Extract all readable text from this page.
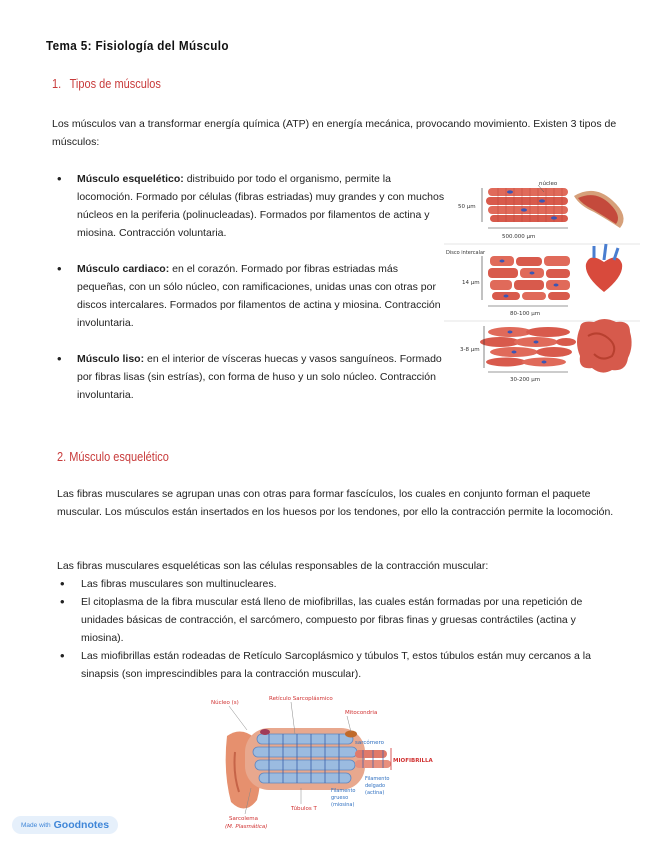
Tema 5: Fisiología del Músculo
1. Tipos de músculos
Los músculos van a transformar energía química (ATP) en energía mecánica, provocando movimiento. Existen 3 tipos de músculos:
• Músculo esquelético: distribuido por todo el organismo, permite la locomoción. Formado por células (fibras estriadas) muy grandes y con muchos núcleos en la periferia (polinucleadas). Formados por filamentos de actina y miosina. Contracción voluntaria.
• Músculo cardiaco: en el corazón. Formado por fibras estriadas más pequeñas, con un sólo núcleo, con ramificaciones, unidas unas con otras por discos intercalares. Formados por filamentos de actina y miosina. Contracción involuntaria.
• Músculo liso: en el interior de vísceras huecas y vasos sanguíneos. Formado por fibras lisas (sin estrías), con forma de huso y un solo núcleo. Contracción involuntaria.
núcleo
50 µm
500.000 µm
Disco intercalar
14 µm
80-100 µm
3-8 µm
30-200 µm
2. Músculo esquelético
Las fibras musculares se agrupan unas con otras para formar fascículos, los cuales en conjunto forman el paquete muscular. Los músculos están insertados en los huesos por los tendones, por ello la contracción permite la locomoción.
Las fibras musculares esqueléticas son las células responsables de la contracción muscular:
• Las fibras musculares son multinucleares.
• El citoplasma de la fibra muscular está lleno de miofibrillas, las cuales están formadas por una repetición de unidades básicas de contracción, el sarcómero, compuesto por fibras finas y gruesas contráctiles (actina y miosina).
• Las miofibrillas están rodeadas de Retículo Sarcoplásmico y túbulos T, estos túbulos están muy cercanos a la sinapsis (son imprescindibles para la contracción muscular).
Núcleo (s)
Retículo Sarcoplásmico
Mitocondria
sarcómero
MIOFIBRILLA
Filamento delgado (actina)
Filamento grueso (miosina)
Túbulos T
Sarcolema (M. Plasmática)
Made with Goodnotes
